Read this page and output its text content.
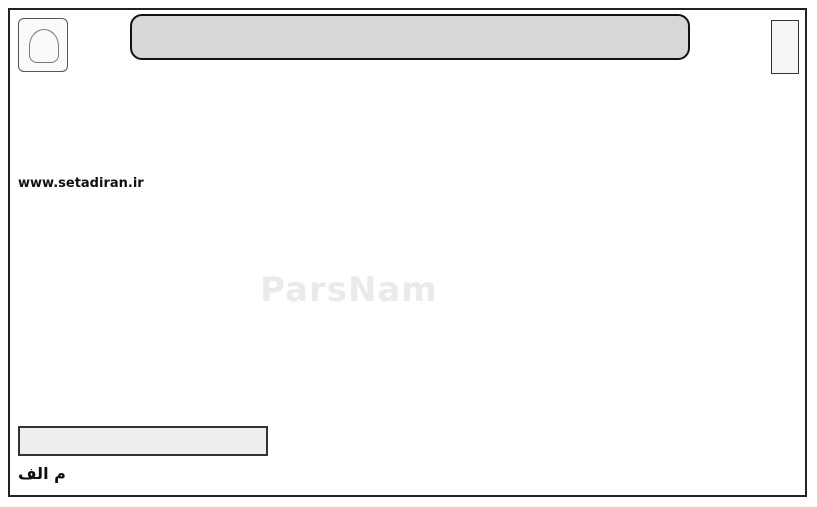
www.setadiran.ir
م الف
